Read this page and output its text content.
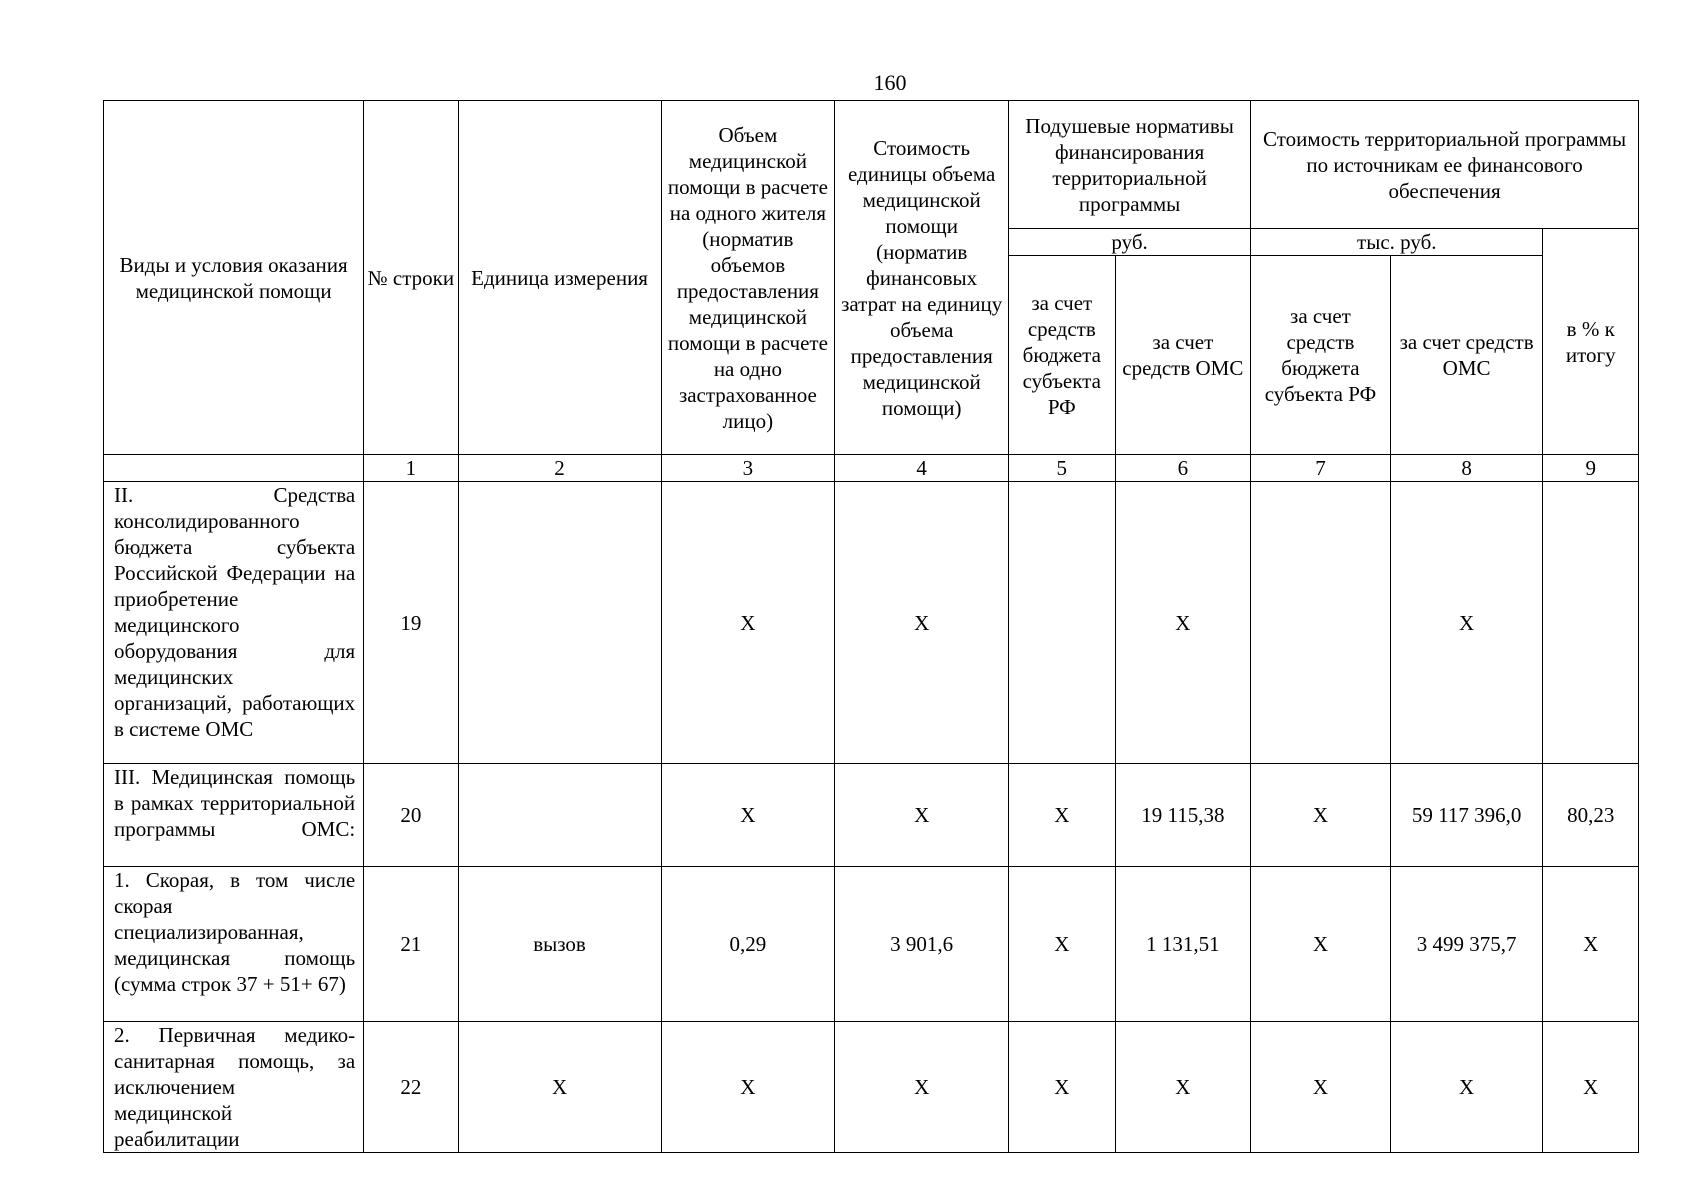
160
Виды и условия оказания медицинской помощи	№ строки	Единица измерения	Объем медицинской помощи в расчете на одного жителя (норматив объемов предоставления медицинской помощи в расчете на одно застрахованное лицо)	Стоимость единицы объема медицинской помощи (норматив финансовых затрат на единицу объема предоставления медицинской помощи)	Подушевые нормативы финансирования территориальной программы		Стоимость территориальной программы по источникам ее финансового обеспечения		
					руб.		тыс. руб.		в % к итогу
					за счет средств бюджета субъекта РФ	за счет средств ОМС	за счет средств бюджета субъекта РФ	за счет средств ОМС	
	1	2	3	4	5	6	7	8	9
II. Средства консолидированного бюджета субъекта Российской Федерации на приобретение медицинского оборудования для медицинских организаций, работающих в системе ОМС	19		X	X		X		X	
III. Медицинская помощь в рамках территориальной программы ОМС:	20		X	X	X	19 115,38	X	59 117 396,0	80,23
1. Скорая, в том числе скорая специализированная, медицинская помощь (сумма строк 37 + 51+ 67)	21	вызов	0,29	3 901,6	X	1 131,51	X	3 499 375,7	X
2. Первичная медико-санитарная помощь, за исключением медицинской реабилитации	22	X	X	X	X	X	X	X	X
